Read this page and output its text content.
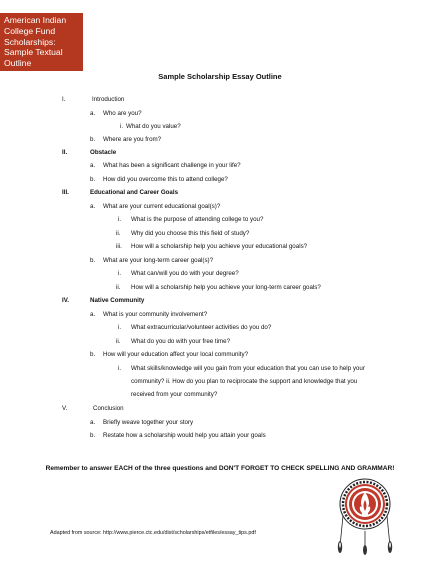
American Indian
College Fund
Scholarships:
Sample Textual
Outline
Sample Scholarship Essay Outline
I.	Introduction
a. Who are you?
i. What do you value?
b. Where are you from?
II.	Obstacle
a. What has been a significant challenge in your life?
b. How did you overcome this to attend college?
III.	Educational and Career Goals
a. What are your current educational goal(s)?
i. What is the purpose of attending college to you?
ii. Why did you choose this this field of study?
iii. How will a scholarship help you achieve your educational goals?
b. What are your long-term career goal(s)?
i. What can/will you do with your degree?
ii. How will a scholarship help you achieve your long-term career goals?
IV.	Native Community
a. What is your community involvement?
i. What extracurricular/volunteer activities do you do?
ii. What do you do with your free time?
b. How will your education affect your local community?
i. What skills/knowledge will you gain from your education that you can use to help your
community? ii. How do you plan to reciprocate the support and knowledge that you
received from your community?
V.	Conclusion
a. Briefly weave together your story
b. Restate how a scholarship would help you attain your goals
Remember to answer EACH of the three questions and DON'T FORGET TO CHECK SPELLING AND GRAMMAR!
Adapted from source: http://www.pierce.ctc.edu/dist/scholarships/etfiles/essay_tips.pdf
